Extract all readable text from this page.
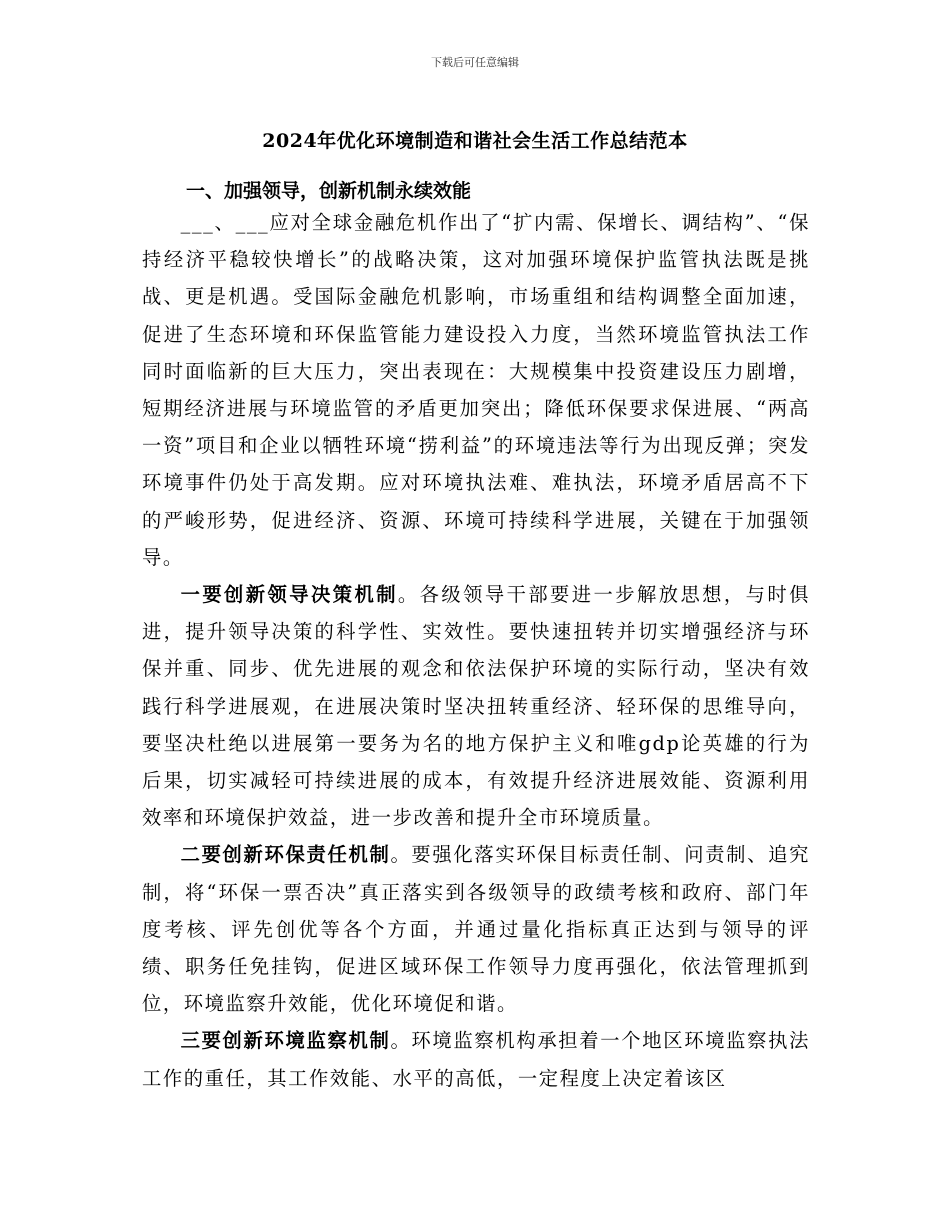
下载后可任意编辑
2024年优化环境制造和谐社会生活工作总结范本
一、加强领导，创新机制永续效能

___、___应对全球金融危机作出了“扩内需、保增长、调结构”、“保持经济平稳较快增长”的战略决策，这对加强环境保护监管执法既是挑战、更是机遇。受国际金融危机影响，市场重组和结构调整全面加速，促进了生态环境和环保监管能力建设投入力度，当然环境监管执法工作同时面临新的巨大压力，突出表现在：大规模集中投资建设压力剧增，短期经济进展与环境监管的矛盾更加突出；降低环保要求保进展、“两高一资”项目和企业以牺牲环境“捞利益”的环境违法等行为出现反弹；突发环境事件仍处于高发期。应对环境执法难、难执法，环境矛盾居高不下的严峻形势，促进经济、资源、环境可持续科学进展，关键在于加强领导。

一要创新领导决策机制。各级领导干部要进一步解放思想，与时俱进，提升领导决策的科学性、实效性。要快速扭转并切实增强经济与环保并重、同步、优先进展的观念和依法保护环境的实际行动，坚决有效践行科学进展观，在进展决策时坚决扭转重经济、轻环保的思维导向，要坚决杜绝以进展第一要务为名的地方保护主义和唯gdp论英雄的行为后果，切实减轻可持续进展的成本，有效提升经济进展效能、资源利用效率和环境保护效益，进一步改善和提升全市环境质量。

二要创新环保责任机制。要强化落实环保目标责任制、问责制、追究制，将“环保一票否决”真正落实到各级领导的政绩考核和政府、部门年度考核、评先创优等各个方面，并通过量化指标真正达到与领导的评绩、职务任免挂钩，促进区域环保工作领导力度再强化，依法管理抓到位，环境监察升效能，优化环境促和谐。

三要创新环境监察机制。环境监察机构承担着一个地区环境监察执法工作的重任，其工作效能、水平的高低，一定程度上决定着该区
